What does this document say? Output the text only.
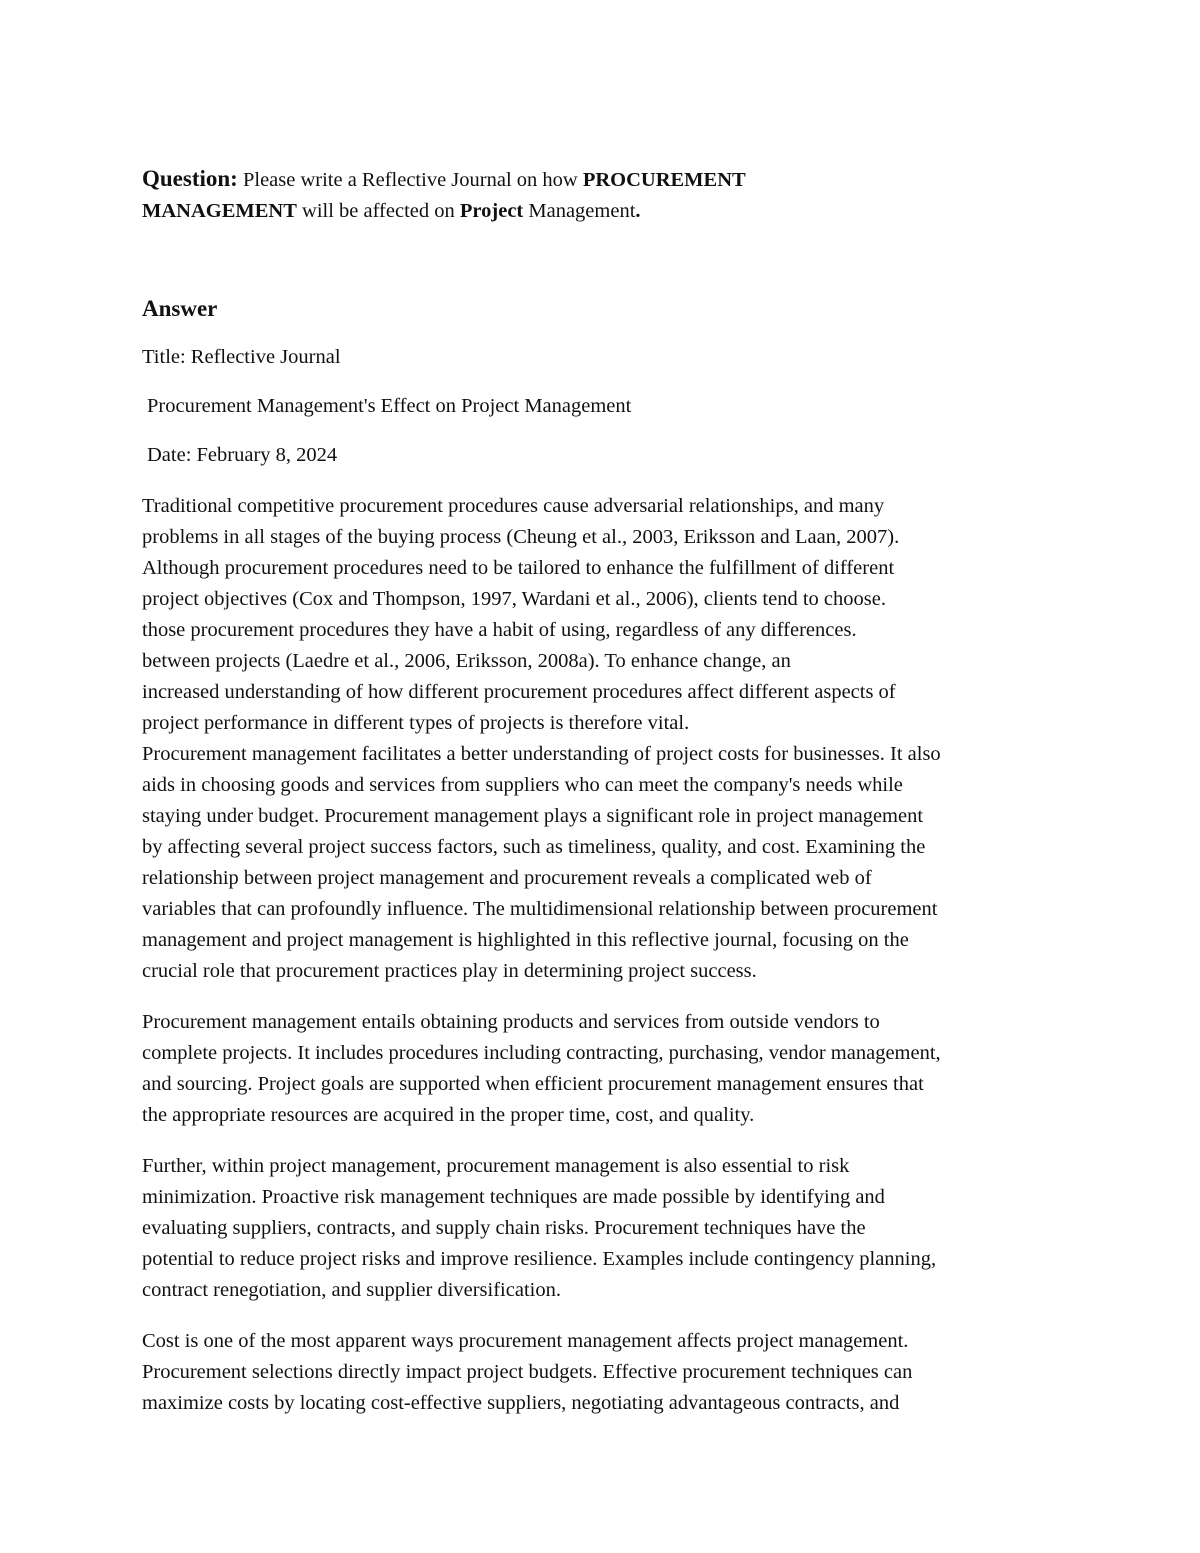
Question: Please write a Reflective Journal on how PROCUREMENT
MANAGEMENT will be affected on Project Management.

Answer

Title: Reflective Journal

Procurement Management's Effect on Project Management

Date: February 8, 2024

Traditional competitive procurement procedures cause adversarial relationships, and many
problems in all stages of the buying process (Cheung et al., 2003, Eriksson and Laan, 2007).
Although procurement procedures need to be tailored to enhance the fulfillment of different
project objectives (Cox and Thompson, 1997, Wardani et al., 2006), clients tend to choose.
those procurement procedures they have a habit of using, regardless of any differences.
between projects (Laedre et al., 2006, Eriksson, 2008a). To enhance change, an
increased understanding of how different procurement procedures affect different aspects of
project performance in different types of projects is therefore vital.
Procurement management facilitates a better understanding of project costs for businesses. It also
aids in choosing goods and services from suppliers who can meet the company's needs while
staying under budget. Procurement management plays a significant role in project management
by affecting several project success factors, such as timeliness, quality, and cost. Examining the
relationship between project management and procurement reveals a complicated web of
variables that can profoundly influence. The multidimensional relationship between procurement
management and project management is highlighted in this reflective journal, focusing on the
crucial role that procurement practices play in determining project success.

Procurement management entails obtaining products and services from outside vendors to
complete projects. It includes procedures including contracting, purchasing, vendor management,
and sourcing. Project goals are supported when efficient procurement management ensures that
the appropriate resources are acquired in the proper time, cost, and quality.

Further, within project management, procurement management is also essential to risk
minimization. Proactive risk management techniques are made possible by identifying and
evaluating suppliers, contracts, and supply chain risks. Procurement techniques have the
potential to reduce project risks and improve resilience. Examples include contingency planning,
contract renegotiation, and supplier diversification.

Cost is one of the most apparent ways procurement management affects project management.
Procurement selections directly impact project budgets. Effective procurement techniques can
maximize costs by locating cost-effective suppliers, negotiating advantageous contracts, and
